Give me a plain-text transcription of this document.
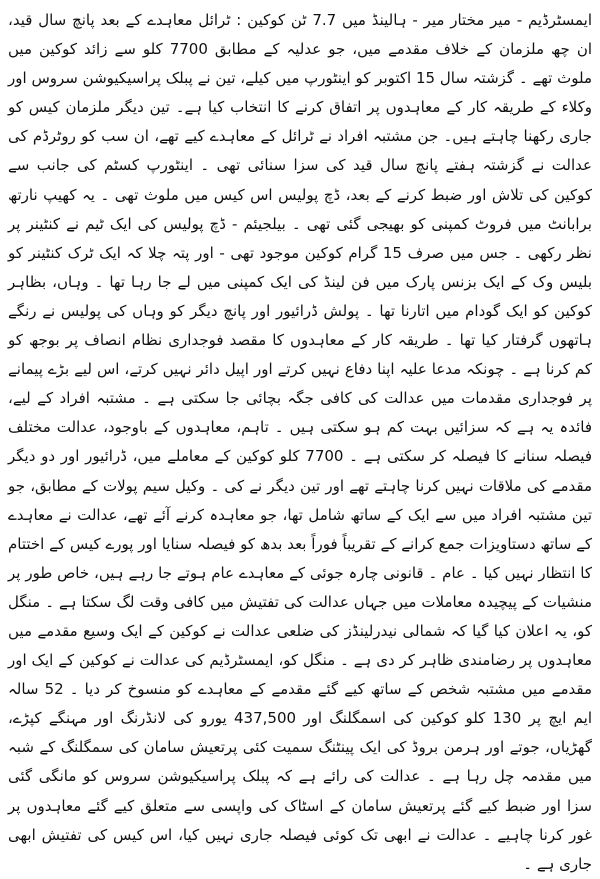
ایمسٹرڈیم - میر مختار میر - ہالینڈ میں 7.7 ٹن کوکین : ٹرائل معاہدے کے بعد پانچ سال قید، ان چھ ملزمان کے خلاف مقدمے میں، جو عدلیہ کے مطابق 7700 کلو سے زائد کوکین میں ملوث تھے ۔ گزشتہ سال 15 اکتوبر کو اینٹورپ میں کیلے، تین نے پبلک پراسیکیوشن سروس اور وکلاء کے طریقہ کار کے معاہدوں پر اتفاق کرنے کا انتخاب کیا ہے۔ تین دیگر ملزمان کیس کو جاری رکھنا چاہتے ہیں۔ جن مشتبہ افراد نے ٹرائل کے معاہدے کیے تھے، ان سب کو روٹرڈم کی عدالت نے گزشتہ ہفتے پانچ سال قید کی سزا سنائی تھی ۔ اینٹورپ کسٹم کی جانب سے کوکین کی تلاش اور ضبط کرنے کے بعد، ڈچ پولیس اس کیس میں ملوث تھی ۔ یہ کھیپ نارتھ برابانٹ میں فروٹ کمپنی کو بھیجی گئی تھی ۔ بیلجیئم - ڈچ پولیس کی ایک ٹیم نے کنٹینر پر نظر رکھی ۔ جس میں صرف 15 گرام کوکین موجود تھی - اور پتہ چلا کہ ایک ٹرک کنٹینر کو بلیس وک کے ایک بزنس پارک میں فن لینڈ کی ایک کمپنی میں لے جا رہا تھا ۔ وہاں، بظاہر کوکین کو ایک گودام میں اتارنا تھا ۔ پولش ڈرائیور اور پانچ دیگر کو وہاں کی پولیس نے رنگے ہاتھوں گرفتار کیا تھا ۔ طریقہ کار کے معاہدوں کا مقصد فوجداری نظام انصاف پر بوجھ کو کم کرنا ہے ۔ چونکہ مدعا علیہ اپنا دفاع نہیں کرتے اور اپیل دائر نہیں کرتے، اس لیے بڑے پیمانے پر فوجداری مقدمات میں عدالت کی کافی جگہ بچائی جا سکتی ہے ۔ مشتبہ افراد کے لیے، فائدہ یہ ہے کہ سزائیں بہت کم ہو سکتی ہیں ۔ تاہم، معاہدوں کے باوجود، عدالت مختلف فیصلہ سنانے کا فیصلہ کر سکتی ہے ۔ 7700 کلو کوکین کے معاملے میں، ڈرائیور اور دو دیگر مقدمے کی ملاقات نہیں کرنا چاہتے تھے اور تین دیگر نے کی ۔ وکیل سیم پولات کے مطابق، جو تین مشتبہ افراد میں سے ایک کے ساتھ شامل تھا، جو معاہدہ کرنے آئے تھے، عدالت نے معاہدے کے ساتھ دستاویزات جمع کرانے کے تقریباً فوراً بعد بدھ کو فیصلہ سنایا اور پورے کیس کے اختتام کا انتظار نہیں کیا ۔ عام ۔ قانونی چارہ جوئی کے معاہدے عام ہوتے جا رہے ہیں، خاص طور پر منشیات کے پیچیدہ معاملات میں جہاں عدالت کی تفتیش میں کافی وقت لگ سکتا ہے ۔ منگل کو، یہ اعلان کیا گیا کہ شمالی نیدرلینڈز کی ضلعی عدالت نے کوکین کے ایک وسیع مقدمے میں معاہدوں پر رضامندی ظاہر کر دی ہے ۔ منگل کو، ایمسٹرڈیم کی عدالت نے کوکین کے ایک اور مقدمے میں مشتبہ شخص کے ساتھ کیے گئے مقدمے کے معاہدے کو منسوخ کر دیا ۔ 52 سالہ ایم ایچ پر 130 کلو کوکین کی اسمگلنگ اور 437,500 یورو کی لانڈرنگ اور مہنگے کپڑے، گھڑیاں، جوتے اور ہرمن بروڈ کی ایک پینٹنگ سمیت کئی پرتعیش سامان کی سمگلنگ کے شبہ میں مقدمہ چل رہا ہے ۔ عدالت کی رائے ہے کہ پبلک پراسیکیوشن سروس کو مانگی گئی سزا اور ضبط کیے گئے پرتعیش سامان کے اسٹاک کی واپسی سے متعلق کیے گئے معاہدوں پر غور کرنا چاہیے ۔ عدالت نے ابھی تک کوئی فیصلہ جاری نہیں کیا، اس کیس کی تفتیش ابھی جاری ہے ۔
